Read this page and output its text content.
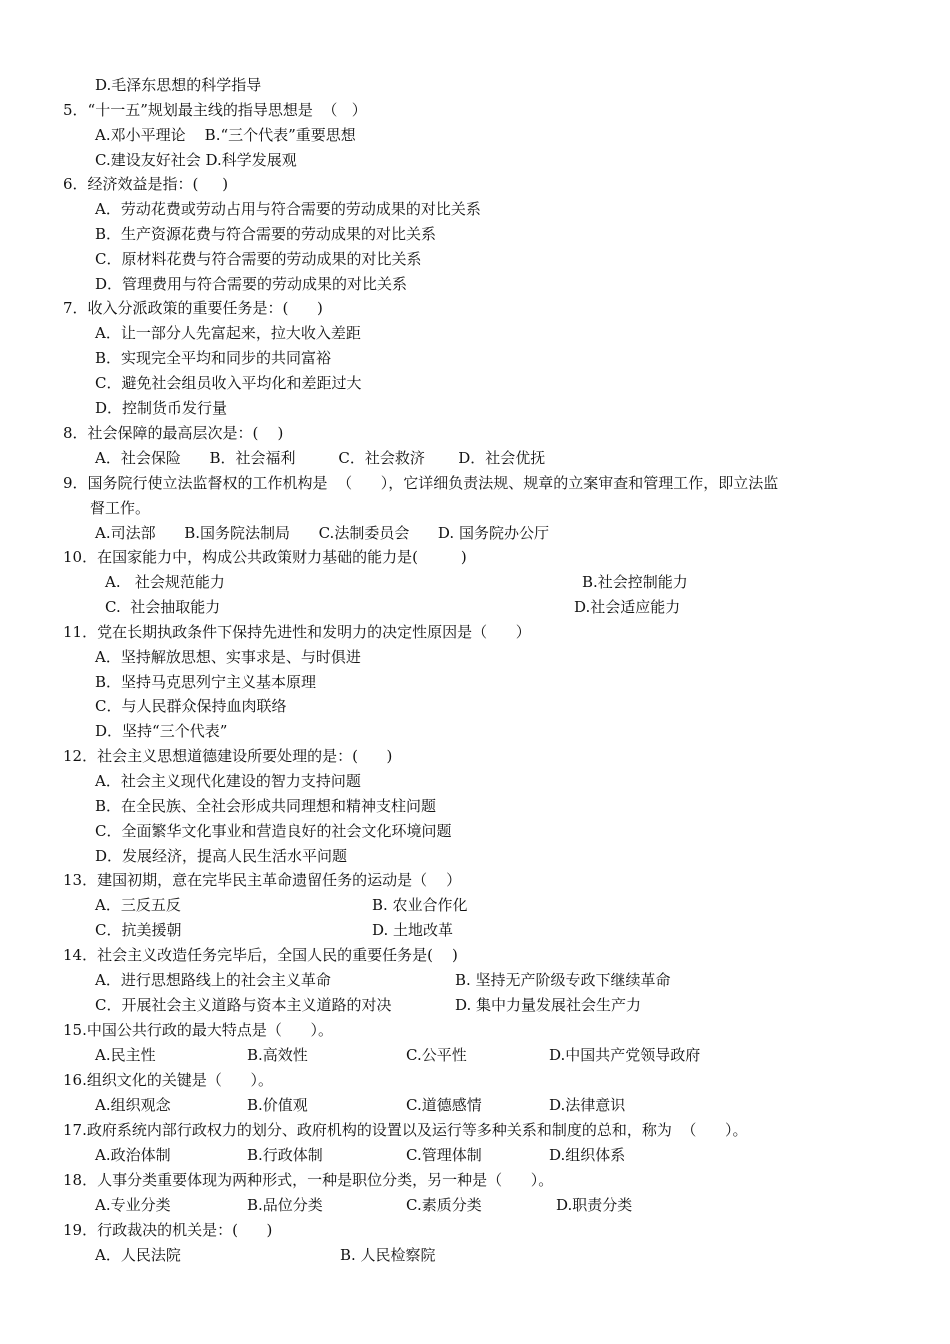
D.毛泽东思想的科学指导
5．“十一五”规划最主线的指导思想是  （   ）
A.邓小平理论    B.“三个代表”重要思想
C.建设友好社会 D.科学发展观
6．经济效益是指：(     )
A．劳动花费或劳动占用与符合需要的劳动成果的对比关系
B．生产资源花费与符合需要的劳动成果的对比关系
C．原材料花费与符合需要的劳动成果的对比关系
D．管理费用与符合需要的劳动成果的对比关系
7．收入分派政策的重要任务是：(      )
A．让一部分人先富起来，拉大收入差距
B．实现完全平均和同步的共同富裕
C．避免社会组员收入平均化和差距过大
D．控制货币发行量
8．社会保障的最高层次是：(    )
A．社会保险      B．社会福利         C．社会救济       D．社会优抚
9．国务院行使立法监督权的工作机构是  （      ），它详细负责法规、规章的立案审查和管理工作，即立法监
督工作。
A.司法部      B.国务院法制局      C.法制委员会      D. 国务院办公厅
10．在国家能力中，构成公共政策财力基础的能力是(         )
A.   社会规范能力	B.社会控制能力
C.  社会抽取能力	D.社会适应能力
11．党在长期执政条件下保持先进性和发明力的决定性原因是（      ）
A．坚持解放思想、实事求是、与时俱进
B．坚持马克思列宁主义基本原理
C．与人民群众保持血肉联络
D．坚持“三个代表”
12．社会主义思想道德建设所要处理的是：(      )
A．社会主义现代化建设的智力支持问题
B．在全民族、全社会形成共同理想和精神支柱问题
C．全面繁华文化事业和营造良好的社会文化环境问题
D．发展经济，提高人民生活水平问题
13．建国初期，意在完毕民主革命遗留任务的运动是（    ）
A．三反五反	B. 农业合作化
C．抗美援朝	D. 土地改革
14．社会主义改造任务完毕后，全国人民的重要任务是(    )
A．进行思想路线上的社会主义革命	B. 坚持无产阶级专政下继续革命
C．开展社会主义道路与资本主义道路的对决	D. 集中力量发展社会生产力
15.中国公共行政的最大特点是（      ）。
A.民主性	B.高效性	C.公平性	D.中国共产党领导政府
16.组织文化的关键是（      ）。
A.组织观念	B.价值观	C.道德感情	D.法律意识
17.政府系统内部行政权力的划分、政府机构的设置以及运行等多种关系和制度的总和，称为  （      ）。
A.政治体制	B.行政体制	C.管理体制	D.组织体系
18．人事分类重要体现为两种形式，一种是职位分类，另一种是（      ）。
A.专业分类	B.品位分类	C.素质分类	D.职责分类
19．行政裁决的机关是：(      )
A．人民法院	B. 人民检察院
